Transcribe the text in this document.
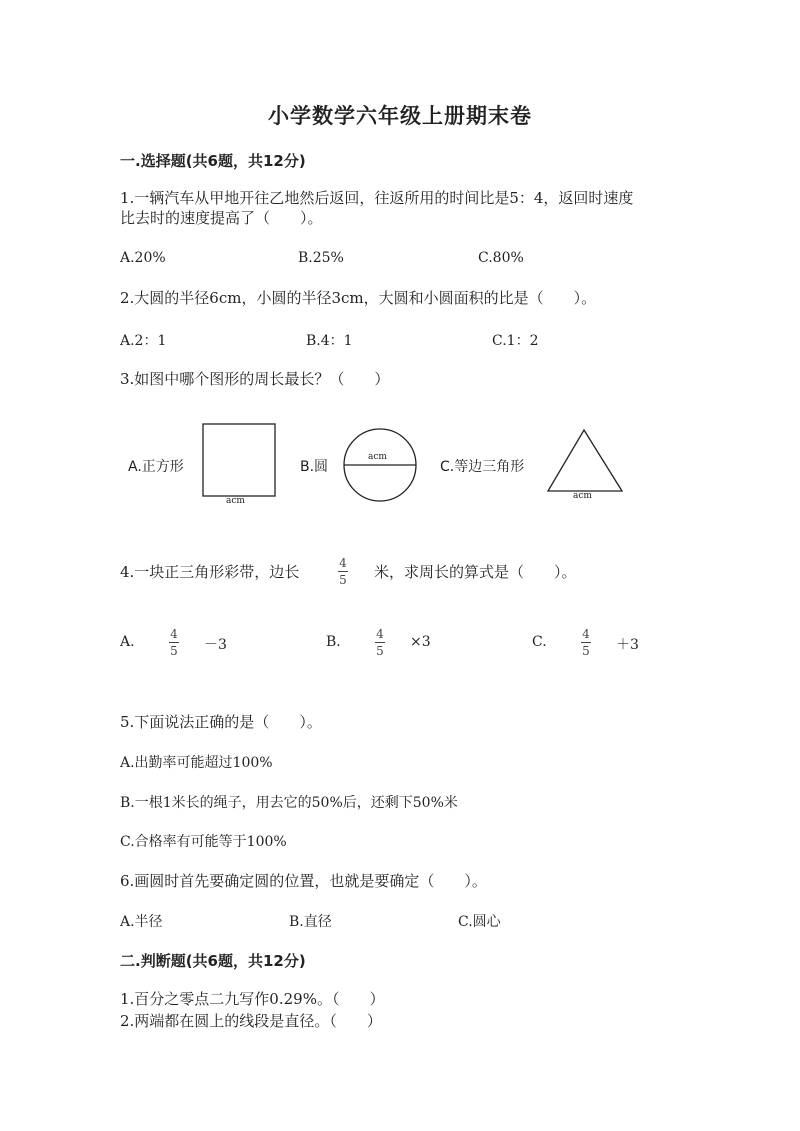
小学数学六年级上册期末卷
一.选择题(共6题，共12分)
1.一辆汽车从甲地开往乙地然后返回，往返所用的时间比是5：4，返回时速度
比去时的速度提高了（　　）。
A.20%	B.25%	C.80%
2.大圆的半径6cm，小圆的半径3cm，大圆和小圆面积的比是（　　）。
A.2：1	B.4：1	C.1：2
3.如图中哪个图形的周长最长？（　　）
A.正方形
acm
B.圆
acm
C.等边三角形
acm
4.一块正三角形彩带，边长	4
5 米，求周长的算式是（　　）。
A.	4
5 －3	B.	4
5
×3	C.	4
5 ＋3
5.下面说法正确的是（　　）。
A.出勤率可能超过100%
B.一根1米长的绳子，用去它的50%后，还剩下50%米
C.合格率有可能等于100%
6.画圆时首先要确定圆的位置，也就是要确定（　　）。
A.半径	B.直径	C.圆心
二.判断题(共6题，共12分)
1.百分之零点二九写作0.29%。（　　）
2.两端都在圆上的线段是直径。（　　）
